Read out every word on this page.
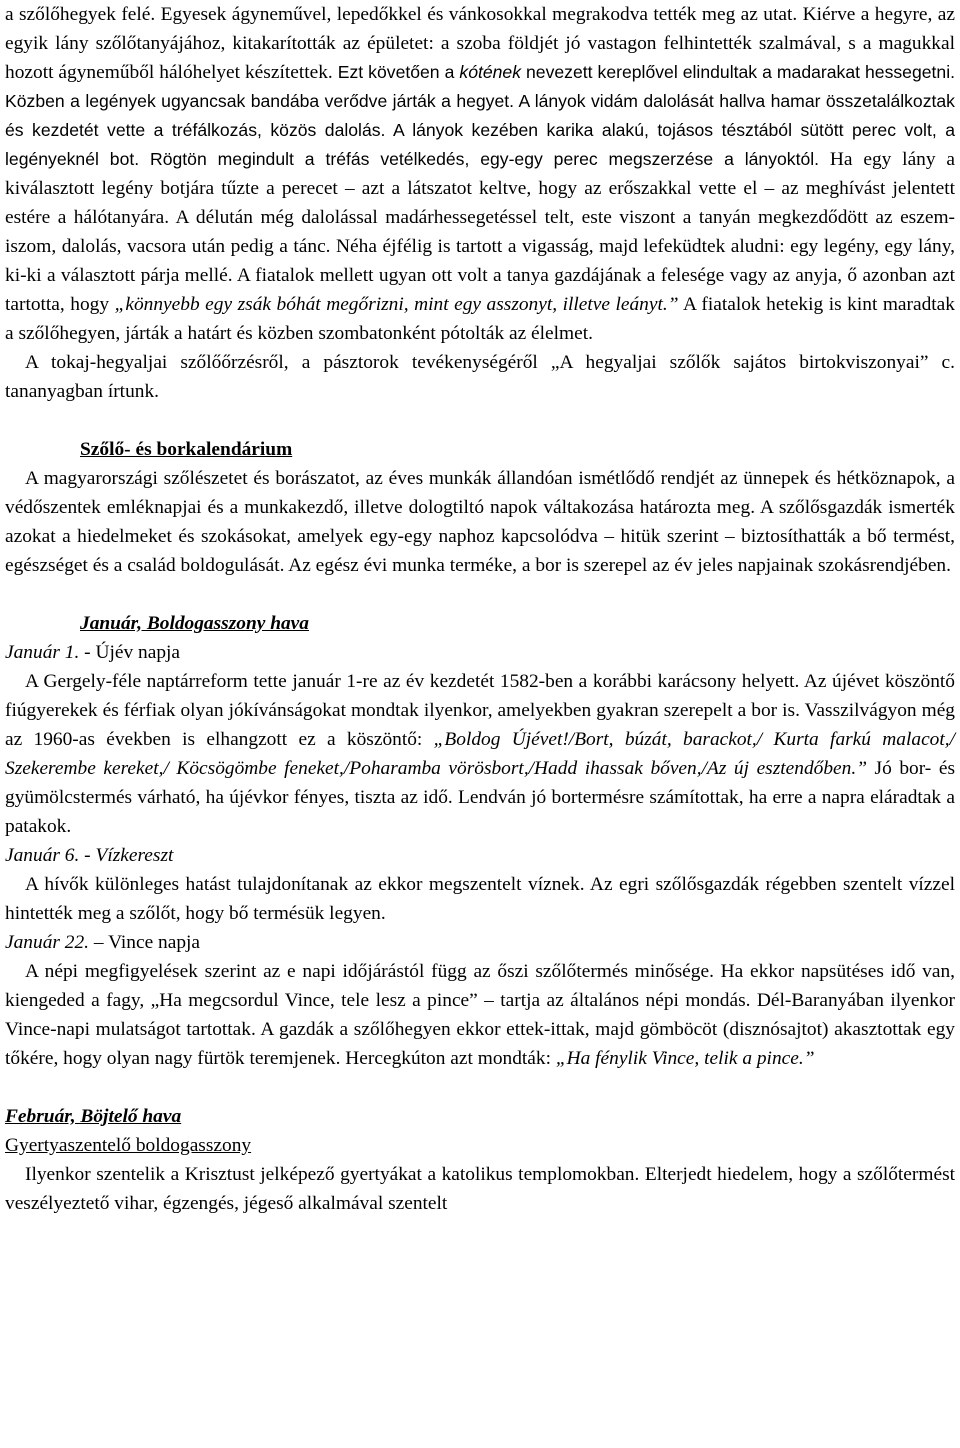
a szőlőhegyek felé. Egyesek ágyneművel, lepedőkkel és vánkosokkal megrakodva tették meg az utat. Kiérve a hegyre, az egyik lány szőlőtanyájához, kitakarították az épületet: a szoba földjét jó vastagon felhintették szalmával, s a magukkal hozott ágyneműből hálóhelyet készítettek. Ezt követően a kótének nevezett kereplővel elindultak a madarakat hessegetni. Közben a legények ugyancsak bandába verődve járták a hegyet. A lányok vidám dalolását hallva hamar összetalálkoztak és kezdetét vette a tréfálkozás, közös dalolás. A lányok kezében karika alakú, tojásos tésztából sütött perec volt, a legényeknél bot. Rögtön megindult a tréfás vetélkedés, egy-egy perec megszerzése a lányoktól. Ha egy lány a kiválasztott legény botjára tűzte a perecet – azt a látszatot keltve, hogy az erőszakkal vette el – az meghívást jelentett estére a hálótanyára. A délután még dalolással madárhessegetéssel telt, este viszont a tanyán megkezdődött az eszem-iszom, dalolás, vacsora után pedig a tánc. Néha éjfélig is tartott a vigasság, majd lefeküdtek aludni: egy legény, egy lány, ki-ki a választott párja mellé. A fiatalok mellett ugyan ott volt a tanya gazdájának a felesége vagy az anyja, ő azonban azt tartotta, hogy „könnyebb egy zsák bóhát megőrizni, mint egy asszonyt, illetve leányt.” A fiatalok hetekig is kint maradtak a szőlőhegyen, járták a határt és közben szombatonként pótolták az élelmet.

A tokaj-hegyaljai szőlőőrzésről, a pásztorok tevékenységéről „A hegyaljai szőlők sajátos birtokviszonyai” c. tananyagban írtunk.

Szőlő- és borkalendárium

A magyarországi szőlészetet és borászatot, az éves munkák állandóan ismétlődő rendjét az ünnepek és hétköznapok, a védőszentek emléknapjai és a munkakezdő, illetve dologtiltó napok váltakozása határozta meg. A szőlősgazdák ismerték azokat a hiedelmeket és szokásokat, amelyek egy-egy naphoz kapcsolódva – hitük szerint – biztosíthatták a bő termést, egészséget és a család boldogulását. Az egész évi munka terméke, a bor is szerepel az év jeles napjainak szokásrendjében.

Január, Boldogasszony hava

Január 1. - Újév napja

A Gergely-féle naptárreform tette január 1-re az év kezdetét 1582-ben a korábbi karácsony helyett. Az újévet köszöntő fiúgyerekek és férfiak olyan jókívánságokat mondtak ilyenkor, amelyekben gyakran szerepelt a bor is. Vasszilvágyon még az 1960-as években is elhangzott ez a köszöntő: „Boldog Újévet!/Bort, búzát, barackot,/ Kurta farkú malacot,/ Szekerembe kereket,/ Köcsögömbe feneket,/Poharamba vörösbort,/Hadd ihassak bőven,/Az új esztendőben.” Jó bor- és gyümölcstermés várható, ha újévkor fényes, tiszta az idő. Lendván jó bortermésre számítottak, ha erre a napra eláradtak a patakok.

Január 6. - Vízkereszt

A hívők különleges hatást tulajdonítanak az ekkor megszentelt víznek. Az egri szőlősgazdák régebben szentelt vízzel hintették meg a szőlőt, hogy bő termésük legyen.

Január 22. – Vince napja

A népi megfigyelések szerint az e napi időjárástól függ az őszi szőlőtermés minősége. Ha ekkor napsütéses idő van, kiengeded a fagy, „Ha megcsordul Vince, tele lesz a pince” – tartja az általános népi mondás. Dél-Baranyában ilyenkor Vince-napi mulatságot tartottak. A gazdák a szőlőhegyen ekkor ettek-ittak, majd gömböcöt (disznósajtot) akasztottak egy tőkére, hogy olyan nagy fürtök teremjenek. Hercegkúton azt mondták: „Ha fénylik Vince, telik a pince.”

Február, Böjtelő hava

Gyertyaszentelő boldogasszony

Ilyenkor szentelik a Krisztust jelképező gyertyákat a katolikus templomokban. Elterjedt hiedelem, hogy a szőlőtermést veszélyeztető vihar, égzengés, jégeső alkalmával szentelt
